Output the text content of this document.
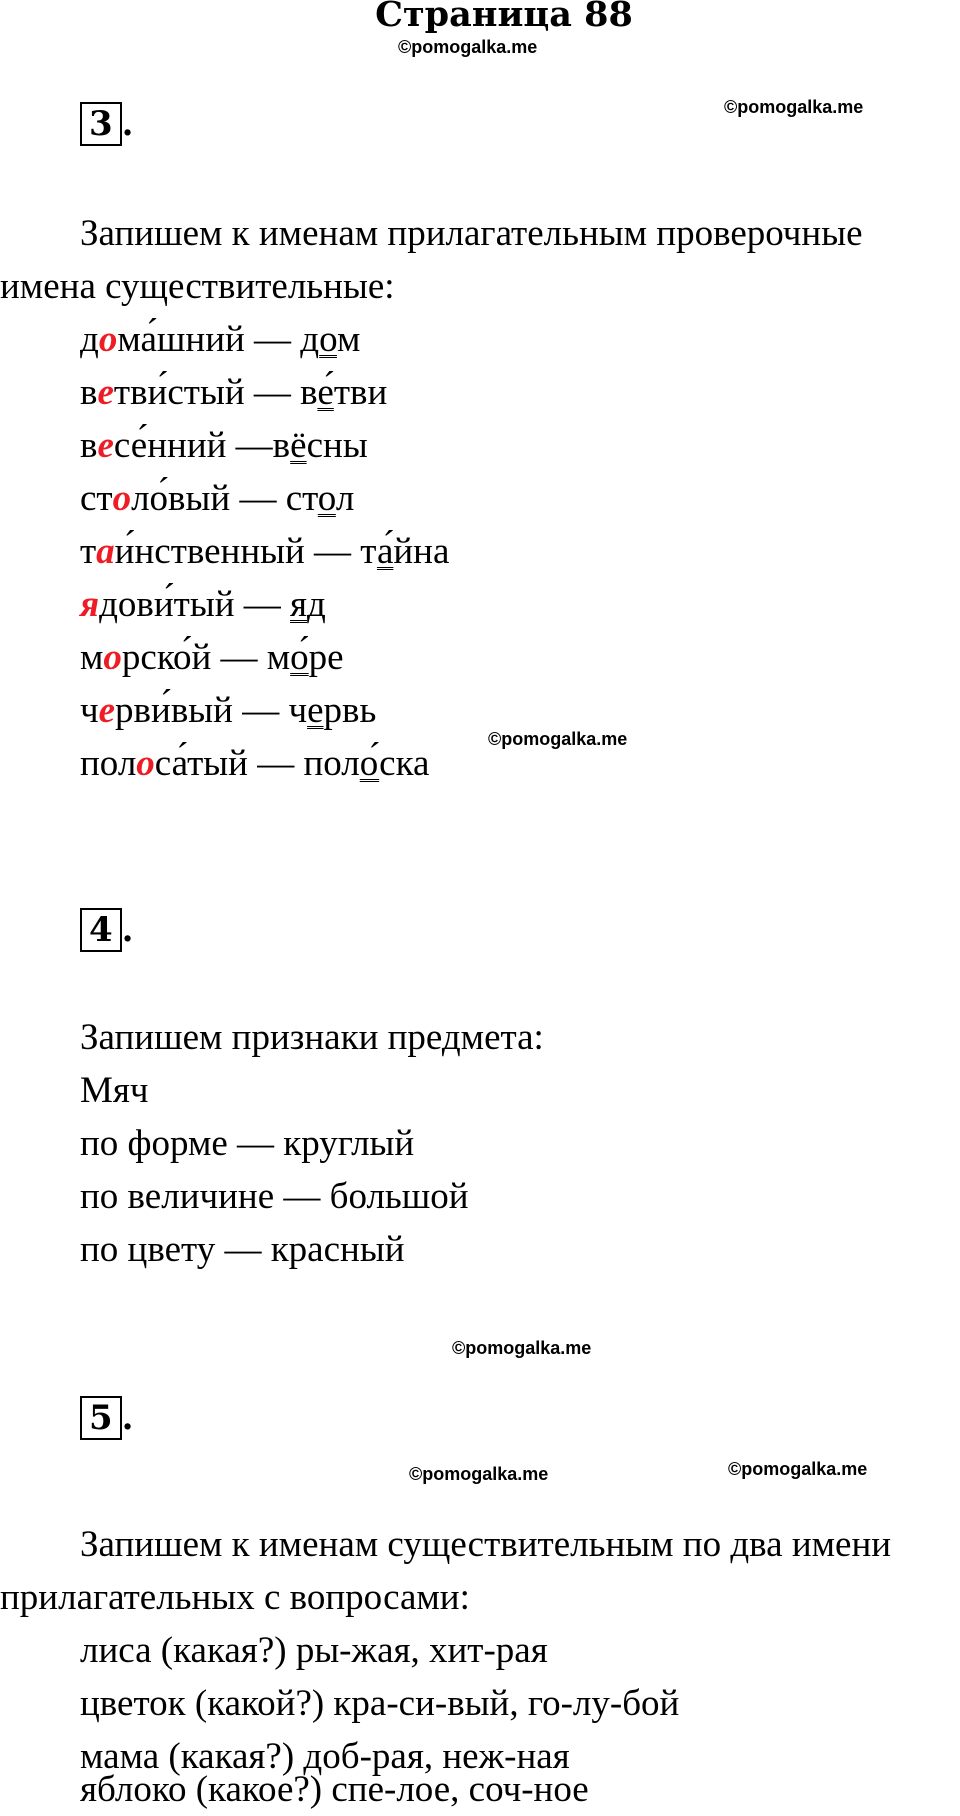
Страница 88
©pomogalka.me
3 .	©pomogalka.me
Запишем к именам прилагательным проверочные
имена существительные:
дома́шний — дом
ветви́стый — ве́тви
весе́нний —вёсны
столо́вый — стол
таи́нственный — та́йна
ядови́тый — яд
морско́й — мо́ре
черви́вый — червь
©pomogalka.me
полоса́тый — поло́ска
4 .
Запишем признаки предмета:
Мяч
по форме — круглый
по величине — большой
по цвету — красный
©pomogalka.me
5 .
©pomogalka.me
©pomogalka.me
Запишем к именам существительным по два имени
прилагательных с вопросами:
лиса (какая?) ры-жая, хит-рая
цветок (какой?) кра-си-вый, го-лу-бой
мама (какая?) доб-рая, неж-ная
яблоко (какое?) спе-лое, соч-ное
